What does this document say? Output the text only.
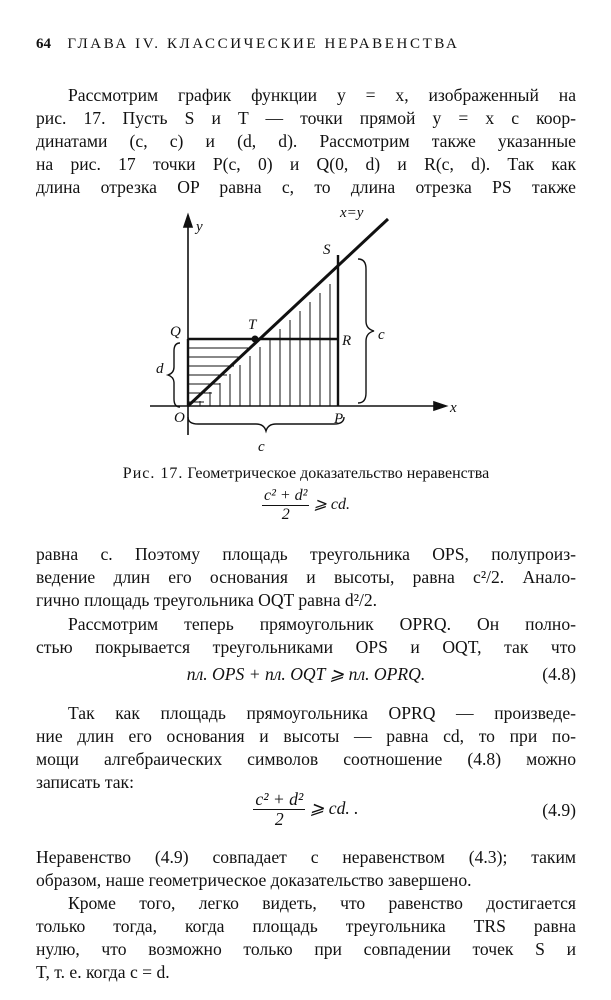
64 ГЛАВА IV. КЛАССИЧЕСКИЕ НЕРАВЕНСТВА
Рассмотрим график функции y = x, изображенный на
рис. 17. Пусть S и T — точки прямой y = x с коор-
динатами (c, c) и (d, d). Рассмотрим также указанные
на рис. 17 точки P(c, 0) и Q(0, d) и R(c, d). Так как
длина отрезка OP равна c, то длина отрезка PS также
x=y
y
x
O	P
Q
R
S
T
c
c
d
Рис. 17. Геометрическое доказательство неравенства
$\frac{\text{c² + d²}}{2}$ ⩾ cd.
равна c. Поэтому площадь треугольника OPS, полупроиз-
ведение длин его основания и высоты, равна c²/2. Анало-
гично площадь треугольника OQT равна d²/2.
Рассмотрим теперь прямоугольник OPRQ. Он полно-
стью покрывается треугольниками OPS и OQT, так что
пл. OPS + пл. OQT ⩾ пл. OPRQ.	(4.8)
Так как площадь прямоугольника OPRQ — произведе-
ние длин его основания и высоты — равна cd, то при по-
мощи алгебраических символов соотношение (4.8) можно
записать так:
$\frac{\text{c² + d²}}{2}$ ⩾ cd. .	(4.9)
Неравенство (4.9) совпадает с неравенством (4.3); таким
образом, наше геометрическое доказательство завершено.
Кроме того, легко видеть, что равенство достигается
только тогда, когда площадь треугольника TRS равна
нулю, что возможно только при совпадении точек S и
T, т. е. когда c = d.
